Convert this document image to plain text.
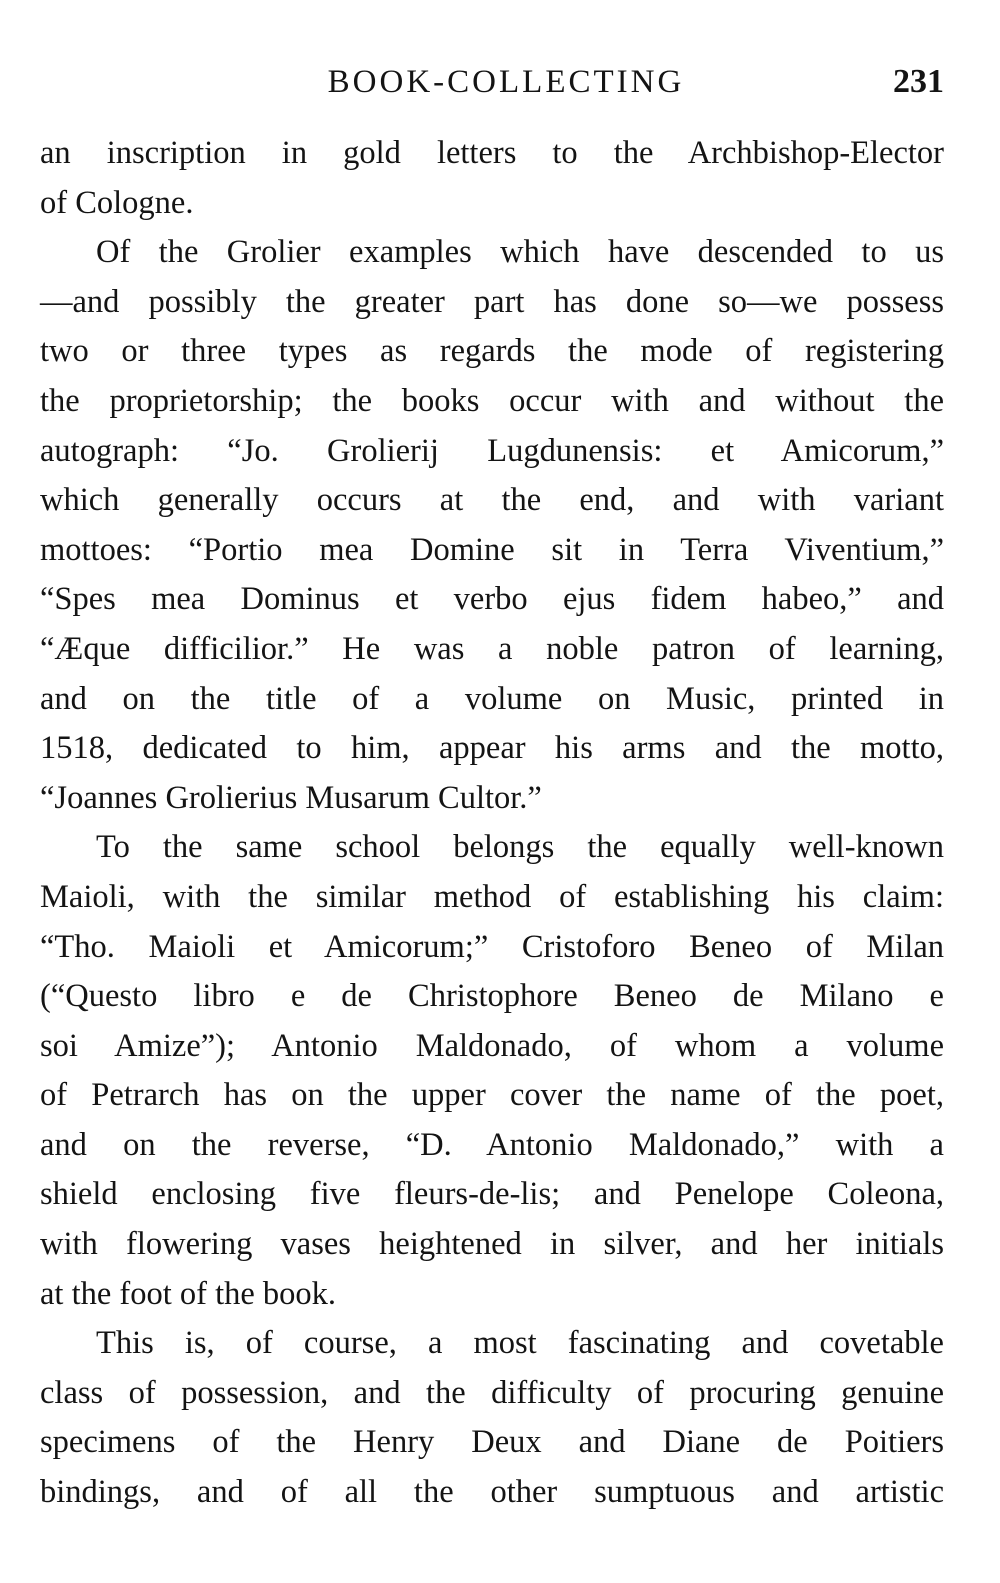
BOOK-COLLECTING	231
an inscription in gold letters to the Archbishop-Elector
of Cologne.
Of the Grolier examples which have descended to us
—and possibly the greater part has done so—we possess
two or three types as regards the mode of registering
the proprietorship; the books occur with and without the
autograph: “Jo. Grolierij Lugdunensis: et Amicorum,”
which generally occurs at the end, and with variant
mottoes: “Portio mea Domine sit in Terra Viventium,”
“Spes mea Dominus et verbo ejus fidem habeo,” and
“Æque difficilior.” He was a noble patron of learning,
and on the title of a volume on Music, printed in
1518, dedicated to him, appear his arms and the motto,
“Joannes Grolierius Musarum Cultor.”
To the same school belongs the equally well-known
Maioli, with the similar method of establishing his claim:
“Tho. Maioli et Amicorum;” Cristoforo Beneo of Milan
(“Questo libro e de Christophore Beneo de Milano e
soi Amize”); Antonio Maldonado, of whom a volume
of Petrarch has on the upper cover the name of the poet,
and on the reverse, “D. Antonio Maldonado,” with a
shield enclosing five fleurs-de-lis; and Penelope Coleona,
with flowering vases heightened in silver, and her initials
at the foot of the book.
This is, of course, a most fascinating and covetable
class of possession, and the difficulty of procuring genuine
specimens of the Henry Deux and Diane de Poitiers
bindings, and of all the other sumptuous and artistic
